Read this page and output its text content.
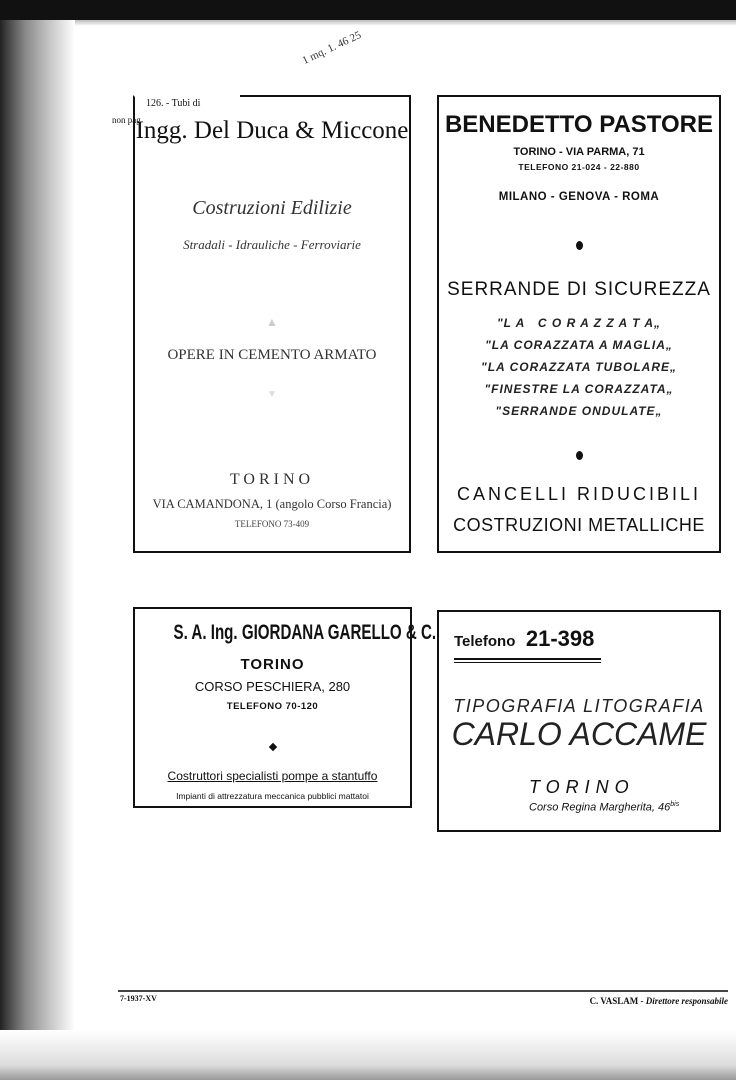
1 mq. 1. 46 25
126. - Tubi di
non pag
Ingg. Del Duca & Miccone
Costruzioni Edilizie
Stradali - Idrauliche - Ferroviarie
▲
OPERE IN CEMENTO ARMATO
▼
TORINO
VIA CAMANDONA, 1 (angolo Corso Francia)
TELEFONO 73-409
BENEDETTO PASTORE
TORINO - VIA PARMA, 71
TELEFONO 21-024 - 22-880
MILANO - GENOVA - ROMA
SERRANDE DI SICUREZZA
"L A   C O R A Z Z A T A„
"LA CORAZZATA A MAGLIA„
"LA CORAZZATA TUBOLARE„
"FINESTRE LA CORAZZATA„
"SERRANDE ONDULATE„
CANCELLI RIDUCIBILI
COSTRUZIONI METALLICHE
S. A. Ing. GIORDANA GARELLO & C.
TORINO
CORSO PESCHIERA, 280
TELEFONO 70-120
Costruttori specialisti pompe a stantuffo
Impianti di attrezzatura meccanica pubblici mattatoi
Telefono 21-398
TIPOGRAFIA LITOGRAFIA
CARLO ACCAME
TORINO
Corso Regina Margherita, $46^{bis}$
7-1937-XV	C. VASLAM - Direttore responsabile
